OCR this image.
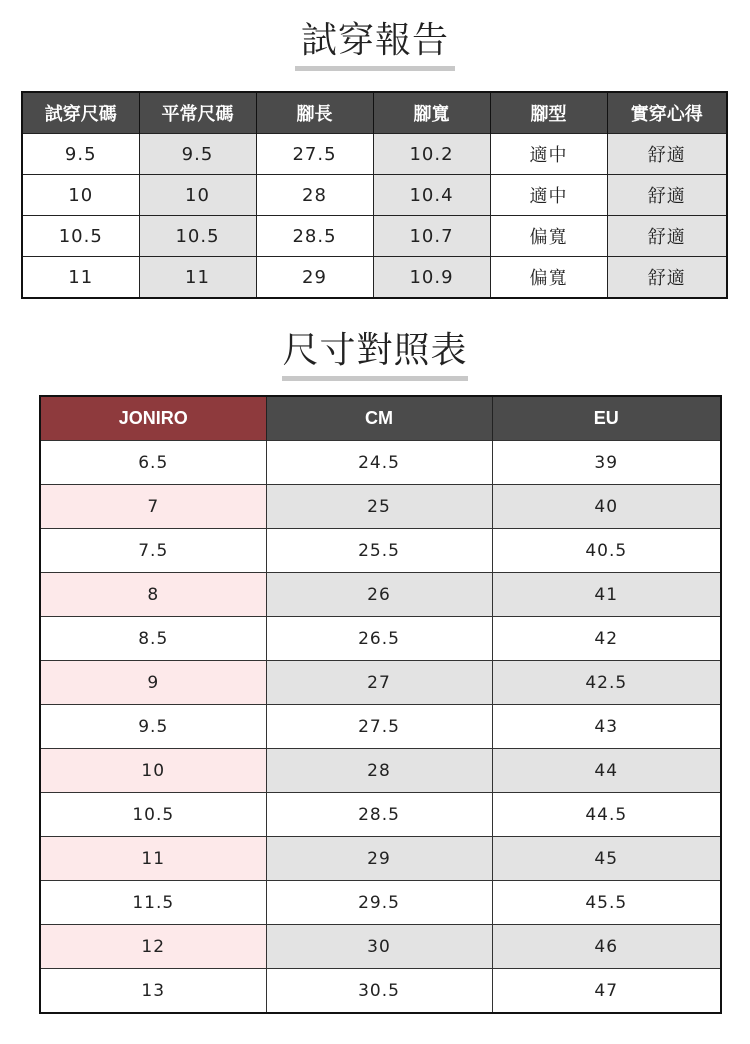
試穿報告
試穿尺碼	平常尺碼	腳長	腳寬	腳型	實穿心得
9.5	9.5	27.5	10.2	適中	舒適
10	10	28	10.4	適中	舒適
10.5	10.5	28.5	10.7	偏寬	舒適
11	11	29	10.9	偏寬	舒適
尺寸對照表
JONIRO	CM	EU
6.5	24.5	39
7	25	40
7.5	25.5	40.5
8	26	41
8.5	26.5	42
9	27	42.5
9.5	27.5	43
10	28	44
10.5	28.5	44.5
11	29	45
11.5	29.5	45.5
12	30	46
13	30.5	47
